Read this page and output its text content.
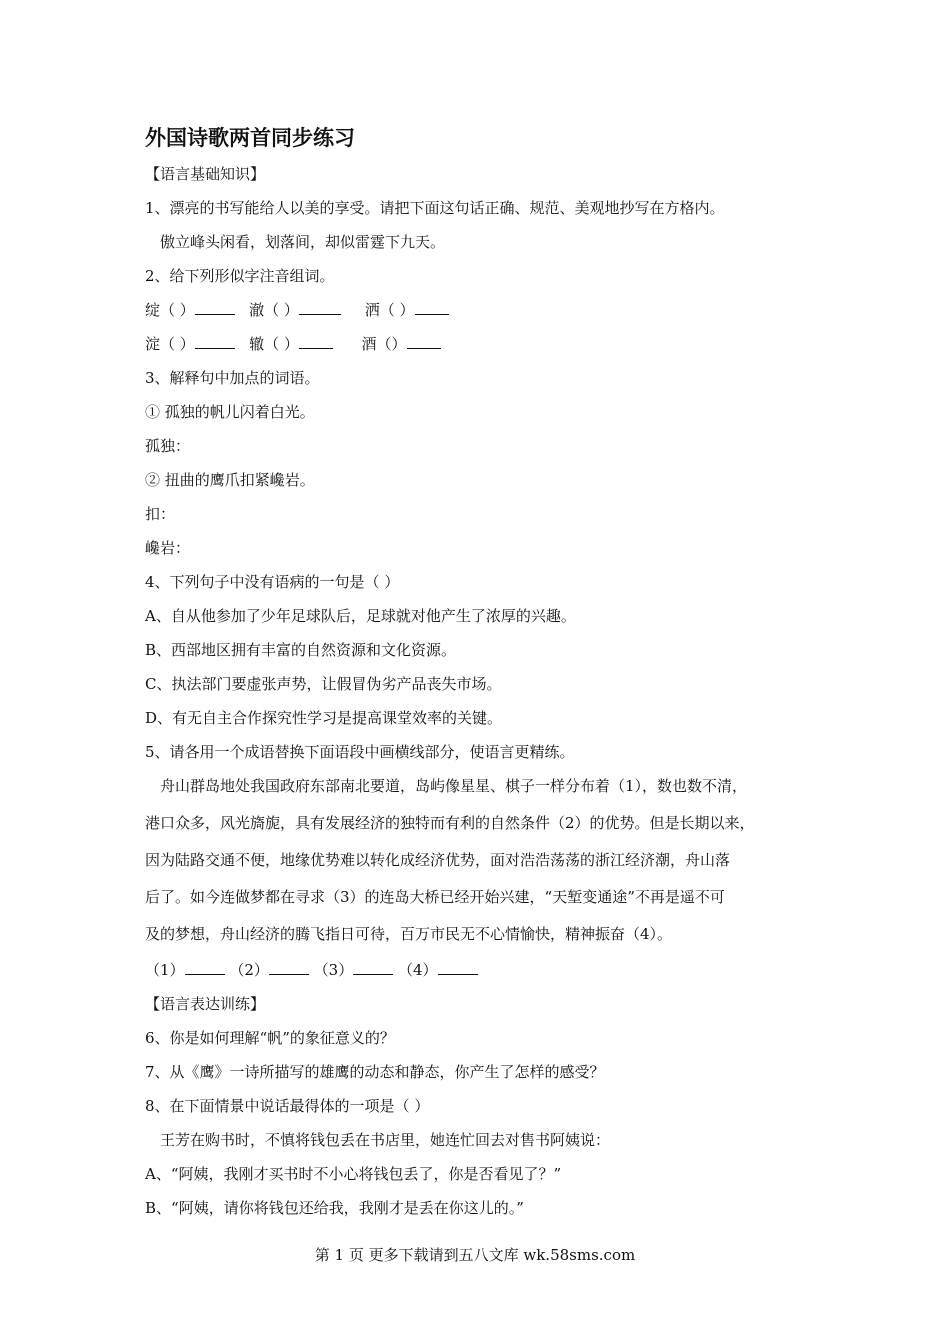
外国诗歌两首同步练习
【语言基础知识】
1、漂亮的书写能给人以美的享受。请把下面这句话正确、规范、美观地抄写在方格内。
傲立峰头闲看，划落间，却似雷霆下九天。
2、给下列形似字注音组词。
绽（ ）	澈（ ）	洒（ ）
淀（ ）	辙（ ）	酒（）
3、解释句中加点的词语。
① 孤独的帆儿闪着白光。
孤独：
② 扭曲的鹰爪扣紧巉岩。
扣：
巉岩：
4、下列句子中没有语病的一句是（ ）
A、自从他参加了少年足球队后，足球就对他产生了浓厚的兴趣。
B、西部地区拥有丰富的自然资源和文化资源。
C、执法部门要虚张声势，让假冒伪劣产品丧失市场。
D、有无自主合作探究性学习是提高课堂效率的关键。
5、请各用一个成语替换下面语段中画横线部分，使语言更精练。
舟山群岛地处我国政府东部南北要道，岛屿像星星、棋子一样分布着（1），数也数不清，
港口众多，风光旖旎，具有发展经济的独特而有利的自然条件（2）的优势。但是长期以来，
因为陆路交通不便，地缘优势难以转化成经济优势，面对浩浩荡荡的浙江经济潮，舟山落
后了。如今连做梦都在寻求（3）的连岛大桥已经开始兴建，“天堑变通途”不再是遥不可
及的梦想，舟山经济的腾飞指日可待，百万市民无不心情愉快，精神振奋（4）。
（1）	（2）	（3）	（4）
【语言表达训练】
6、你是如何理解“帆”的象征意义的？
7、从《鹰》一诗所描写的雄鹰的动态和静态，你产生了怎样的感受？
8、在下面情景中说话最得体的一项是（ ）
王芳在购书时，不慎将钱包丢在书店里，她连忙回去对售书阿姨说：
A、“阿姨，我刚才买书时不小心将钱包丢了，你是否看见了？”
B、“阿姨，请你将钱包还给我，我刚才是丢在你这儿的。”
第 1 页 更多下载请到五八文库 wk.58sms.com
